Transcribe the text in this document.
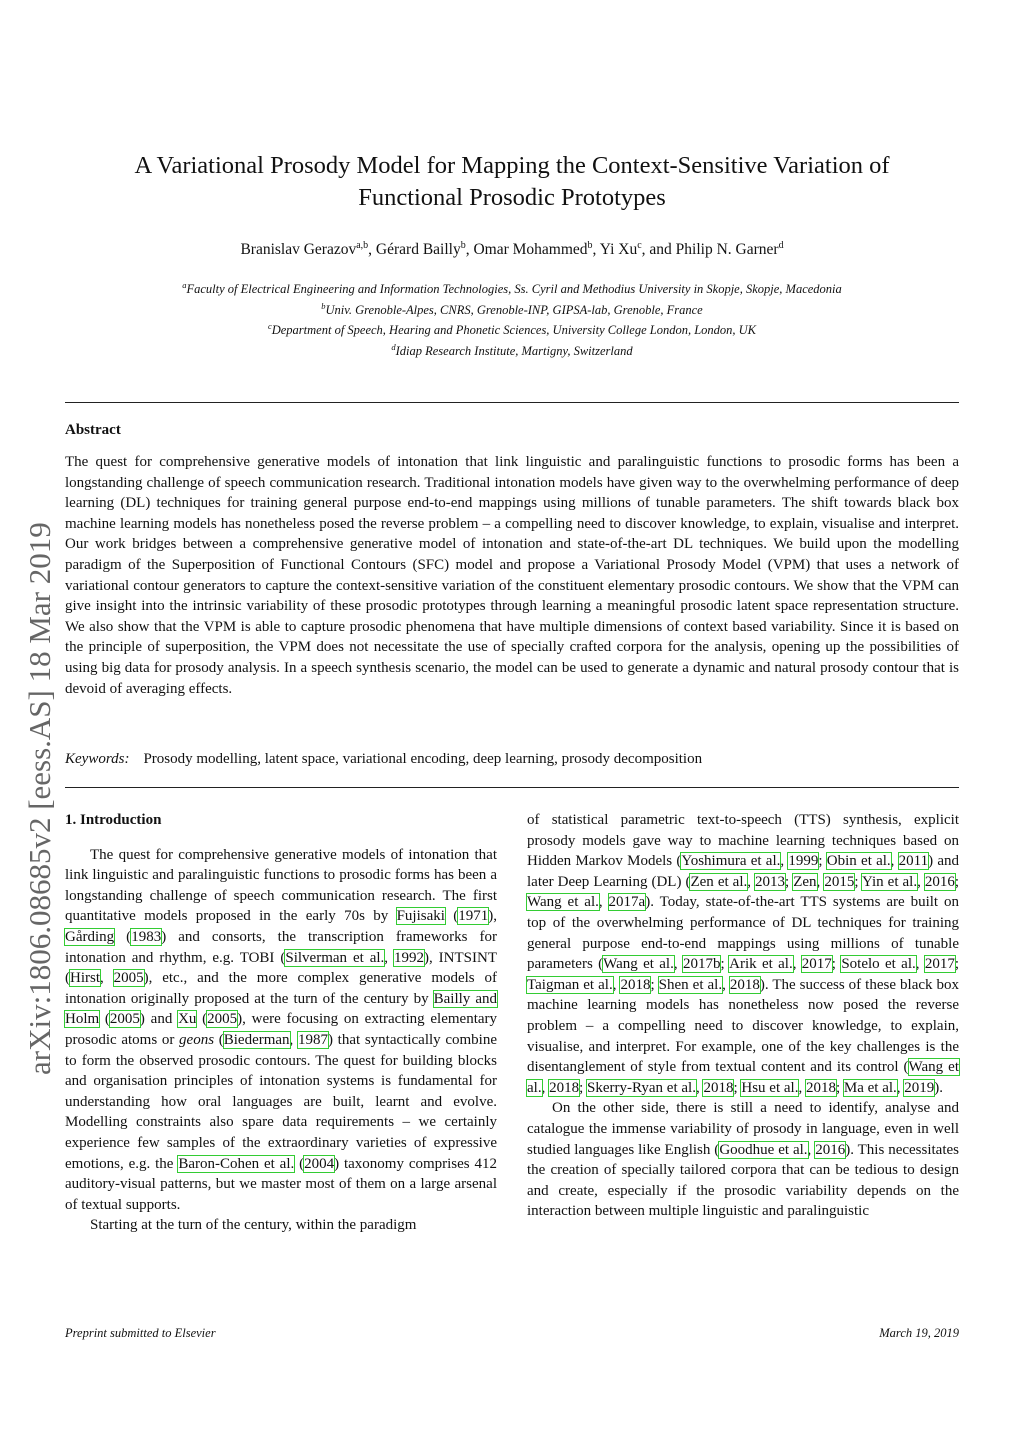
arXiv:1806.08685v2 [eess.AS] 18 Mar 2019
A Variational Prosody Model for Mapping the Context-Sensitive Variation of
Functional Prosodic Prototypes
Branislav Gerazov$^{a,b}$, Gérard Bailly$^b$, Omar Mohammed$^b$, Yi Xu$^c$, and Philip N. Garner$^d$
$^a$Faculty of Electrical Engineering and Information Technologies, Ss. Cyril and Methodius University in Skopje, Skopje, Macedonia
$^b$Univ. Grenoble-Alpes, CNRS, Grenoble-INP, GIPSA-lab, Grenoble, France
$^c$Department of Speech, Hearing and Phonetic Sciences, University College London, London, UK
$^d$Idiap Research Institute, Martigny, Switzerland
Abstract
The quest for comprehensive generative models of intonation that link linguistic and paralinguistic functions to prosodic forms has been a longstanding challenge of speech communication research. Traditional intonation models have given way to the overwhelming performance of deep learning (DL) techniques for training general purpose end-to-end mappings using millions of tunable parameters. The shift towards black box machine learning models has nonetheless posed the reverse problem – a compelling need to discover knowledge, to explain, visualise and interpret. Our work bridges between a comprehensive generative model of intonation and state-of-the-art DL techniques. We build upon the modelling paradigm of the Superposition of Functional Contours (SFC) model and propose a Variational Prosody Model (VPM) that uses a network of variational contour generators to capture the context-sensitive variation of the constituent elementary prosodic contours. We show that the VPM can give insight into the intrinsic variability of these prosodic prototypes through learning a meaningful prosodic latent space representation structure. We also show that the VPM is able to capture prosodic phenomena that have multiple dimensions of context based variability. Since it is based on the principle of superposition, the VPM does not necessitate the use of specially crafted corpora for the analysis, opening up the possibilities of using big data for prosody analysis. In a speech synthesis scenario, the model can be used to generate a dynamic and natural prosody contour that is devoid of averaging effects.
Keywords: Prosody modelling, latent space, variational encoding, deep learning, prosody decomposition
1. Introduction

The quest for comprehensive generative models of intonation that link linguistic and paralinguistic functions to prosodic forms has been a longstanding challenge of speech communication research. The first quantitative models proposed in the early 70s by Fujisaki (1971), Gårding (1983) and consorts, the transcription frameworks for intonation and rhythm, e.g. TOBI (Silverman et al., 1992), INTSINT (Hirst, 2005), etc., and the more complex generative models of intonation originally proposed at the turn of the century by Bailly and Holm (2005) and Xu (2005), were focusing on extracting elementary prosodic atoms or geons (Biederman, 1987) that syntactically combine to form the observed prosodic contours. The quest for building blocks and organisation principles of intonation systems is fundamental for understanding how oral languages are built, learnt and evolve. Modelling constraints also spare data requirements – we certainly experience few samples of the extraordinary varieties of expressive emotions, e.g. the Baron-Cohen et al. (2004) taxonomy comprises 412 auditory-visual patterns, but we master most of them on a large arsenal of textual supports.

Starting at the turn of the century, within the paradigm

of statistical parametric text-to-speech (TTS) synthesis, explicit prosody models gave way to machine learning techniques based on Hidden Markov Models (Yoshimura et al., 1999; Obin et al., 2011) and later Deep Learning (DL) (Zen et al., 2013; Zen, 2015; Yin et al., 2016; Wang et al., 2017a). Today, state-of-the-art TTS systems are built on top of the overwhelming performance of DL techniques for training general purpose end-to-end mappings using millions of tunable parameters (Wang et al., 2017b; Arik et al., 2017; Sotelo et al., 2017; Taigman et al., 2018; Shen et al., 2018). The success of these black box machine learning models has nonetheless now posed the reverse problem – a compelling need to discover knowledge, to explain, visualise, and interpret. For example, one of the key challenges is the disentanglement of style from textual content and its control (Wang et al., 2018; Skerry-Ryan et al., 2018; Hsu et al., 2018; Ma et al., 2019).

On the other side, there is still a need to identify, analyse and catalogue the immense variability of prosody in language, even in well studied languages like English (Goodhue et al., 2016). This necessitates the creation of specially tailored corpora that can be tedious to design and create, especially if the prosodic variability depends on the interaction between multiple linguistic and paralinguistic

Preprint submitted to Elsevier	March 19, 2019
